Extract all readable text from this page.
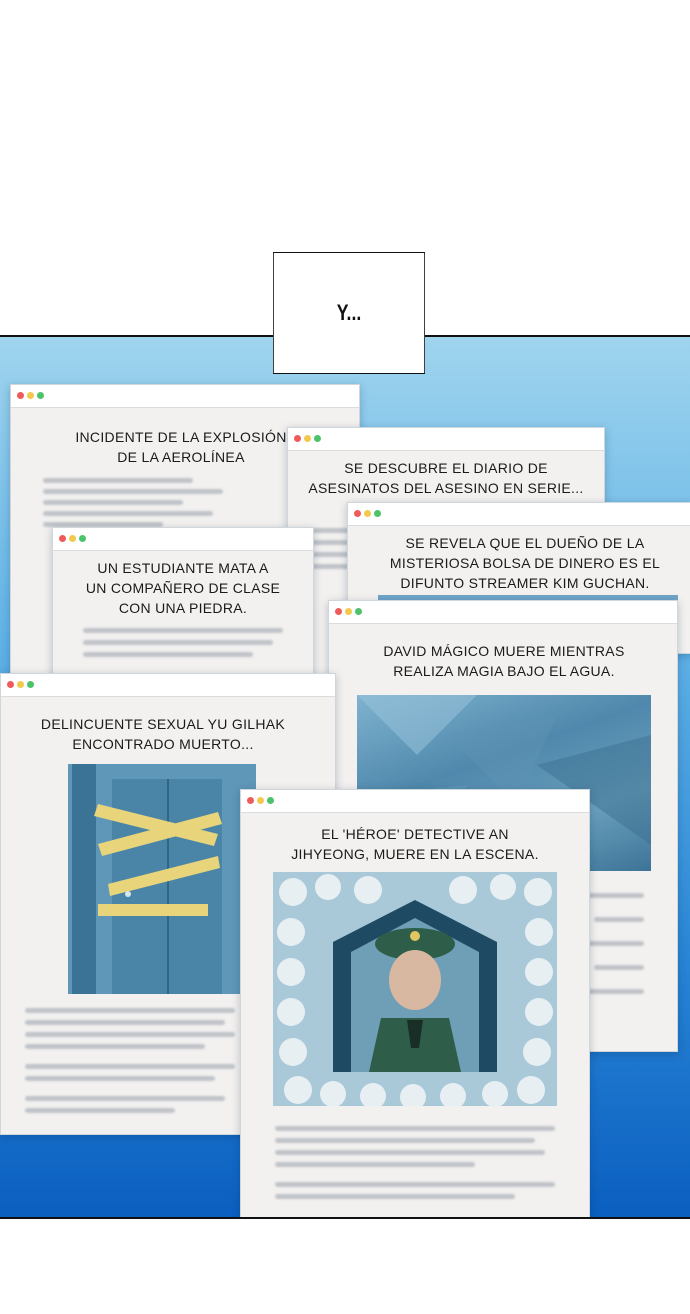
Y...
INCIDENTE DE LA EXPLOSIÓN
DE LA AEROLÍNEA
SE DESCUBRE EL DIARIO DE
ASESINATOS DEL ASESINO EN SERIE...
SE REVELA QUE EL DUEÑO DE LA
MISTERIOSA BOLSA DE DINERO ES EL
DIFUNTO STREAMER KIM GUCHAN.
UN ESTUDIANTE MATA A
UN COMPAÑERO DE CLASE
CON UNA PIEDRA.
DAVID MÁGICO MUERE MIENTRAS
REALIZA MAGIA BAJO EL AGUA.
DELINCUENTE SEXUAL YU GILHAK
ENCONTRADO MUERTO...
EL 'HÉROE' DETECTIVE AN
JIHYEONG, MUERE EN LA ESCENA.
